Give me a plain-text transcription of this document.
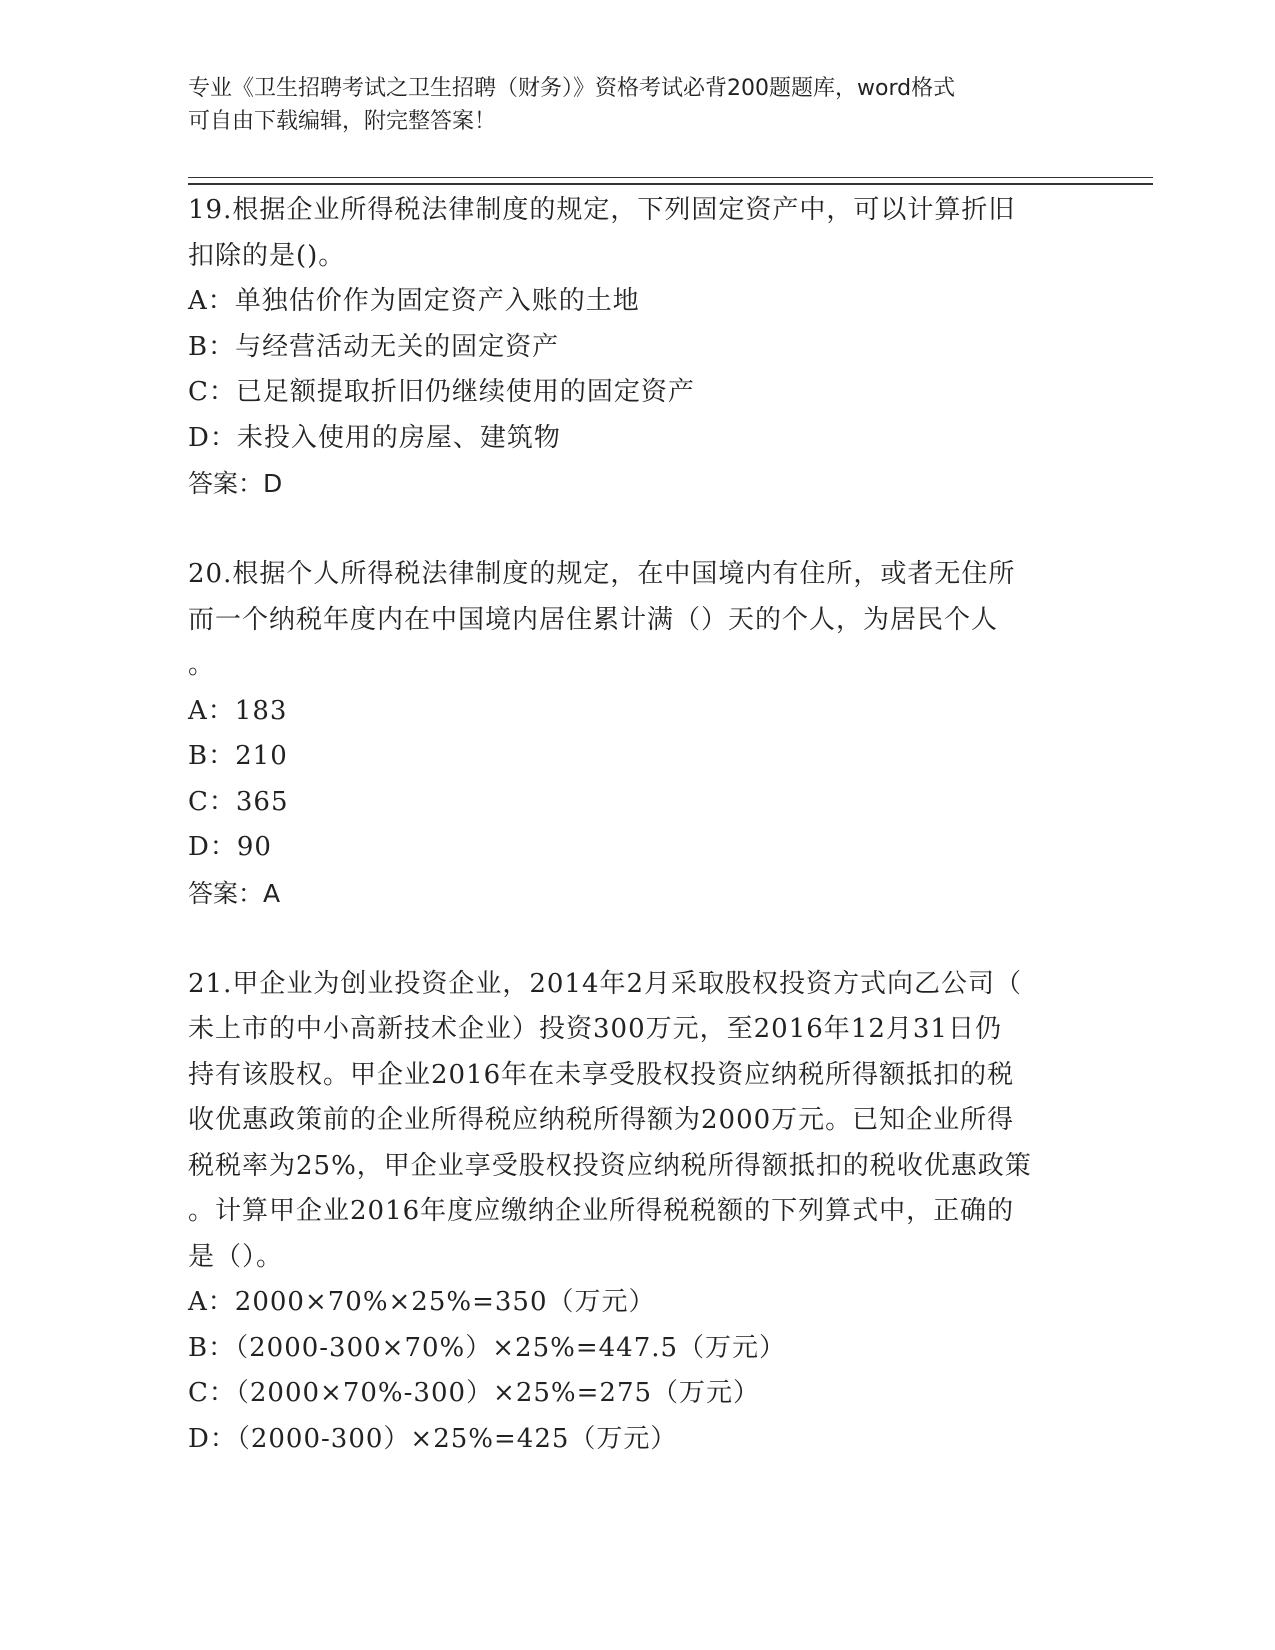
专业《卫生招聘考试之卫生招聘（财务）》资格考试必背200题题库，word格式
可自由下载编辑，附完整答案！
19.根据企业所得税法律制度的规定，下列固定资产中，可以计算折旧
扣除的是()。
A：单独估价作为固定资产入账的土地
B：与经营活动无关的固定资产
C：已足额提取折旧仍继续使用的固定资产
D：未投入使用的房屋、建筑物
答案：D
20.根据个人所得税法律制度的规定，在中国境内有住所，或者无住所
而一个纳税年度内在中国境内居住累计满（）天的个人，为居民个人
。
A：183
B：210
C：365
D：90
答案：A
21.甲企业为创业投资企业，2014年2月采取股权投资方式向乙公司（
未上市的中小高新技术企业）投资300万元，至2016年12月31日仍
持有该股权。甲企业2016年在未享受股权投资应纳税所得额抵扣的税
收优惠政策前的企业所得税应纳税所得额为2000万元。已知企业所得
税税率为25%，甲企业享受股权投资应纳税所得额抵扣的税收优惠政策
。计算甲企业2016年度应缴纳企业所得税税额的下列算式中，正确的
是（）。
A：2000×70%×25%=350（万元）
B：（2000-300×70%）×25%=447.5（万元）
C：（2000×70%-300）×25%=275（万元）
D：（2000-300）×25%=425（万元）
